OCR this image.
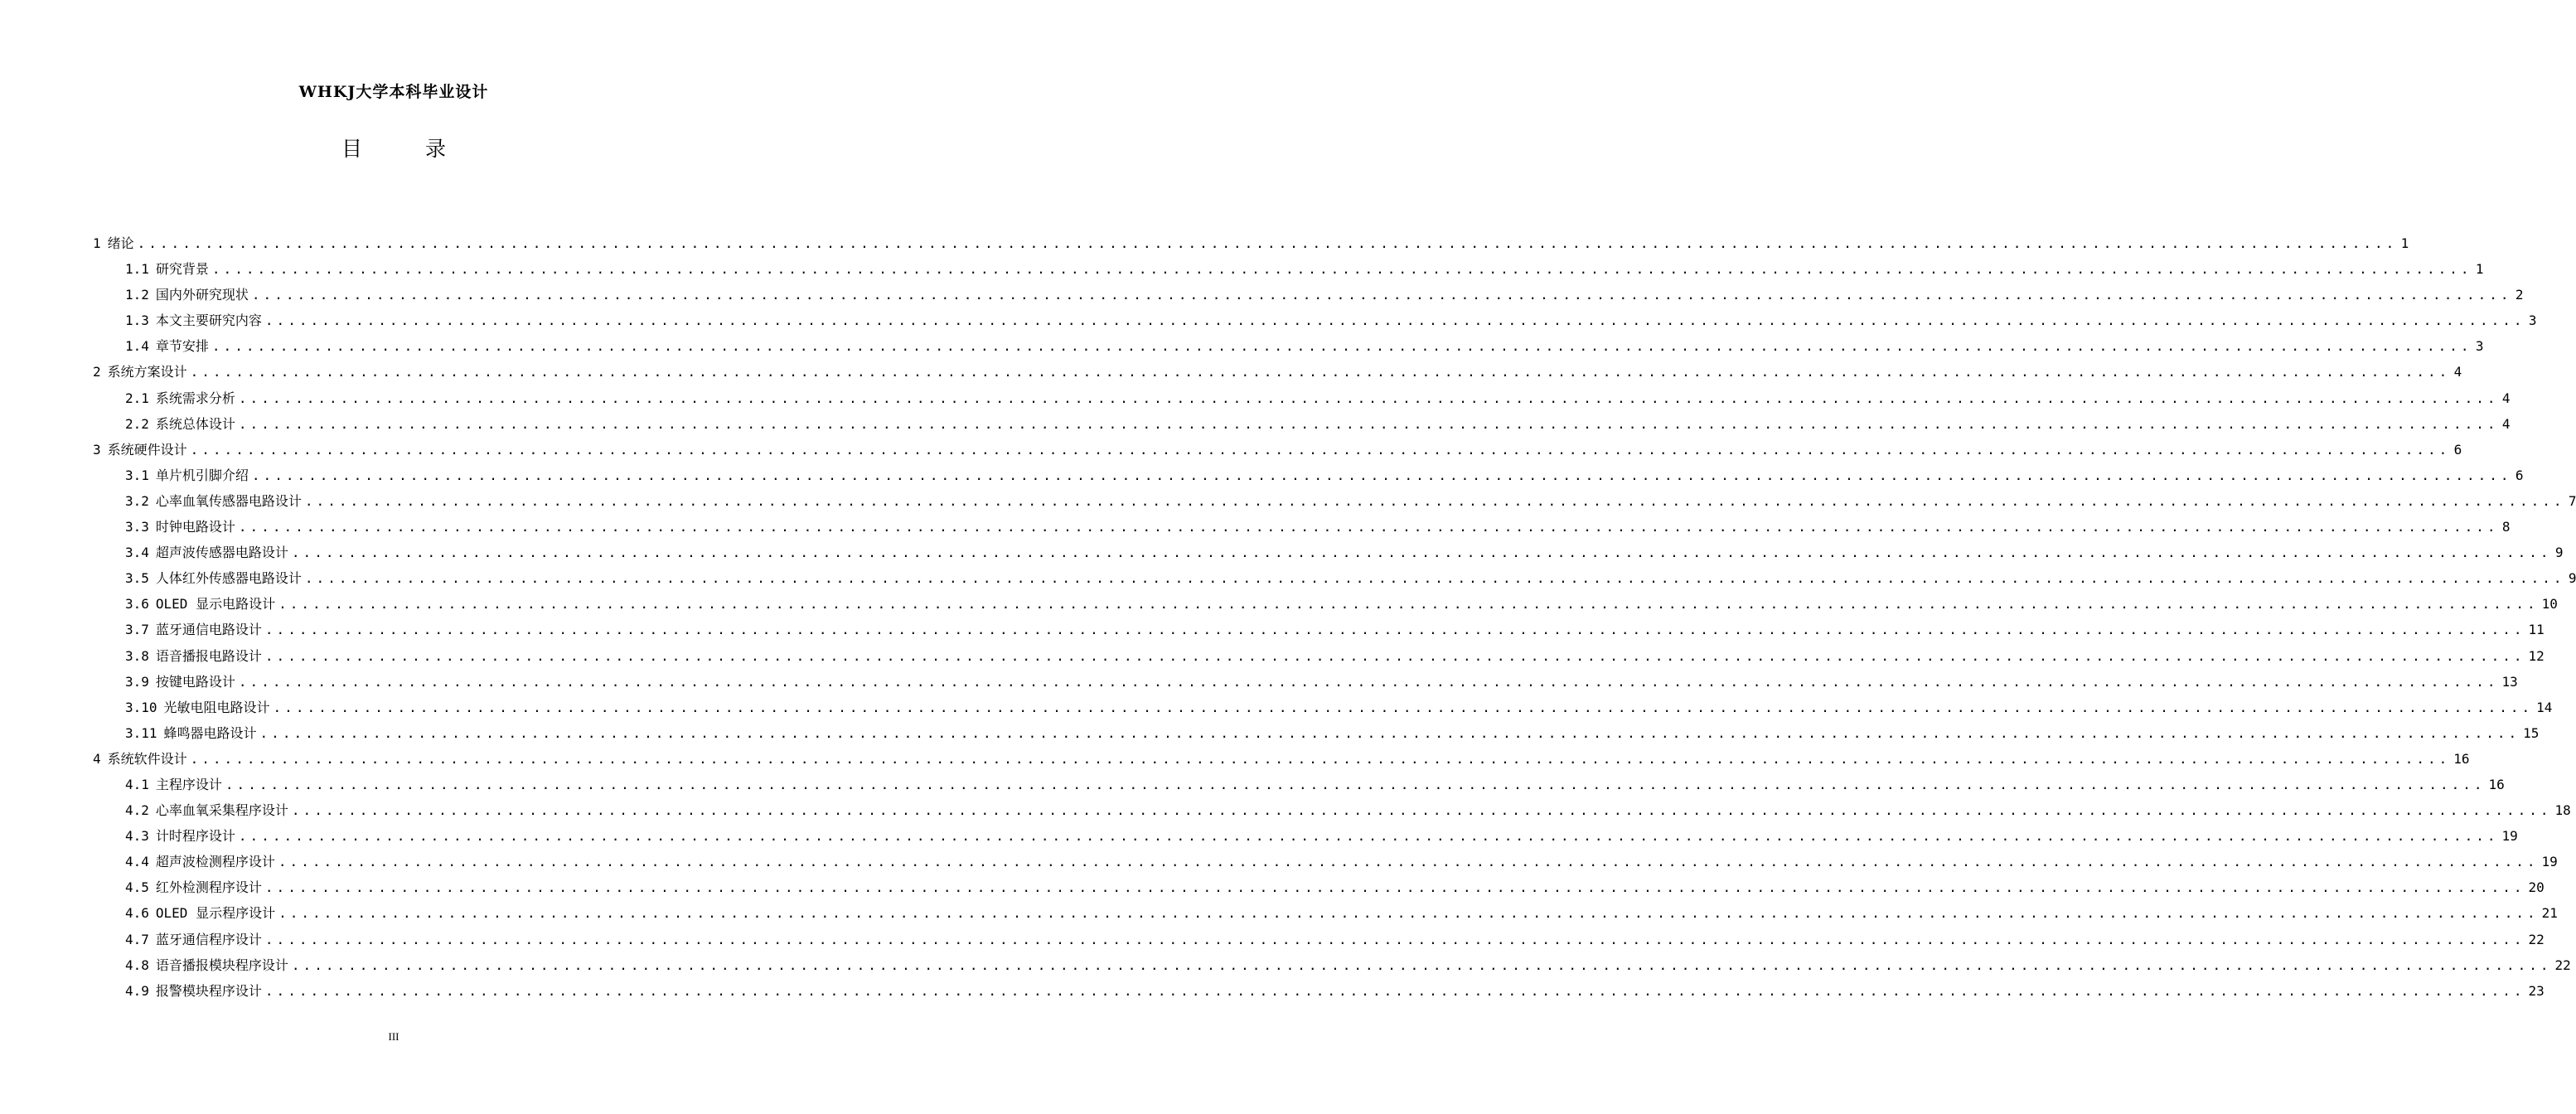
WHKJ大学本科毕业设计
目 录
1 绪论 ........................................................................................................................................................................................................ 1
1.1 研究背景 ........................................................................................................................................................................................................ 1
1.2 国内外研究现状 ........................................................................................................................................................................................................ 2
1.3 本文主要研究内容 ........................................................................................................................................................................................................ 3
1.4 章节安排 ........................................................................................................................................................................................................ 3
2 系统方案设计 ........................................................................................................................................................................................................ 4
2.1 系统需求分析 ........................................................................................................................................................................................................ 4
2.2 系统总体设计 ........................................................................................................................................................................................................ 4
3 系统硬件设计 ........................................................................................................................................................................................................ 6
3.1 单片机引脚介绍 ........................................................................................................................................................................................................ 6
3.2 心率血氧传感器电路设计 ........................................................................................................................................................................................................ 7
3.3 时钟电路设计 ........................................................................................................................................................................................................ 8
3.4 超声波传感器电路设计 ........................................................................................................................................................................................................ 9
3.5 人体红外传感器电路设计 ........................................................................................................................................................................................................ 9
3.6 OLED 显示电路设计 ........................................................................................................................................................................................................ 10
3.7 蓝牙通信电路设计 ........................................................................................................................................................................................................ 11
3.8 语音播报电路设计 ........................................................................................................................................................................................................ 12
3.9 按键电路设计 ........................................................................................................................................................................................................ 13
3.10 光敏电阻电路设计 ........................................................................................................................................................................................................ 14
3.11 蜂鸣器电路设计 ........................................................................................................................................................................................................ 15
4 系统软件设计 ........................................................................................................................................................................................................ 16
4.1 主程序设计 ........................................................................................................................................................................................................ 16
4.2 心率血氧采集程序设计 ........................................................................................................................................................................................................ 18
4.3 计时程序设计 ........................................................................................................................................................................................................ 19
4.4 超声波检测程序设计 ........................................................................................................................................................................................................ 19
4.5 红外检测程序设计 ........................................................................................................................................................................................................ 20
4.6 OLED 显示程序设计 ........................................................................................................................................................................................................ 21
4.7 蓝牙通信程序设计 ........................................................................................................................................................................................................ 22
4.8 语音播报模块程序设计 ........................................................................................................................................................................................................ 22
4.9 报警模块程序设计 ........................................................................................................................................................................................................ 23
III
